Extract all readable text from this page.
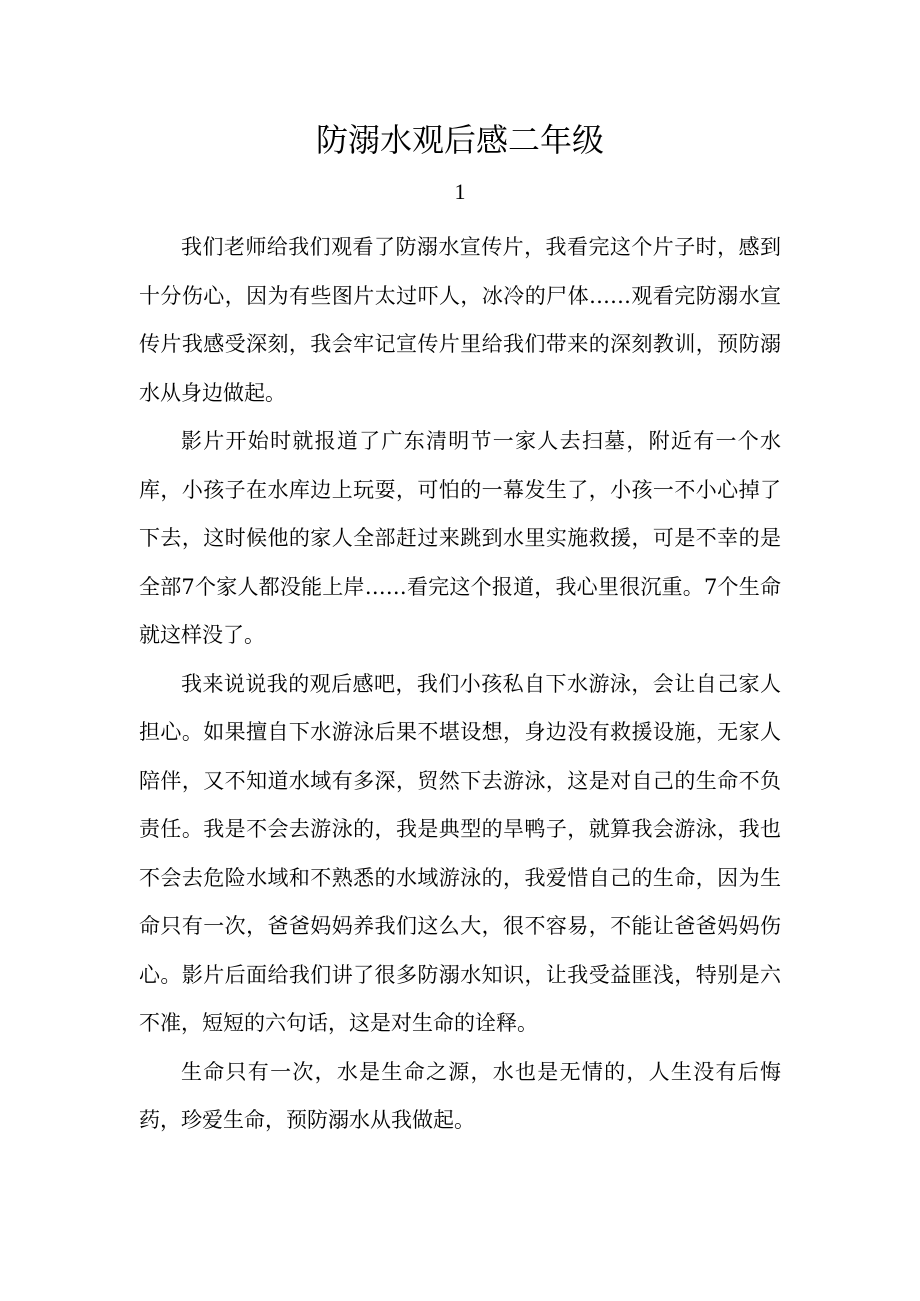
防溺水观后感二年级
1

我们老师给我们观看了防溺水宣传片，我看完这个片子时，感到十分伤心，因为有些图片太过吓人，冰冷的尸体……观看完防溺水宣传片我感受深刻，我会牢记宣传片里给我们带来的深刻教训，预防溺水从身边做起。

影片开始时就报道了广东清明节一家人去扫墓，附近有一个水库，小孩子在水库边上玩耍，可怕的一幕发生了，小孩一不小心掉了下去，这时候他的家人全部赶过来跳到水里实施救援，可是不幸的是全部7个家人都没能上岸……看完这个报道，我心里很沉重。7个生命就这样没了。

我来说说我的观后感吧，我们小孩私自下水游泳，会让自己家人担心。如果擅自下水游泳后果不堪设想，身边没有救援设施，无家人陪伴，又不知道水域有多深，贸然下去游泳，这是对自己的生命不负责任。我是不会去游泳的，我是典型的旱鸭子，就算我会游泳，我也不会去危险水域和不熟悉的水域游泳的，我爱惜自己的生命，因为生命只有一次，爸爸妈妈养我们这么大，很不容易，不能让爸爸妈妈伤心。影片后面给我们讲了很多防溺水知识，让我受益匪浅，特别是六不准，短短的六句话，这是对生命的诠释。

生命只有一次，水是生命之源，水也是无情的，人生没有后悔药，珍爱生命，预防溺水从我做起。
